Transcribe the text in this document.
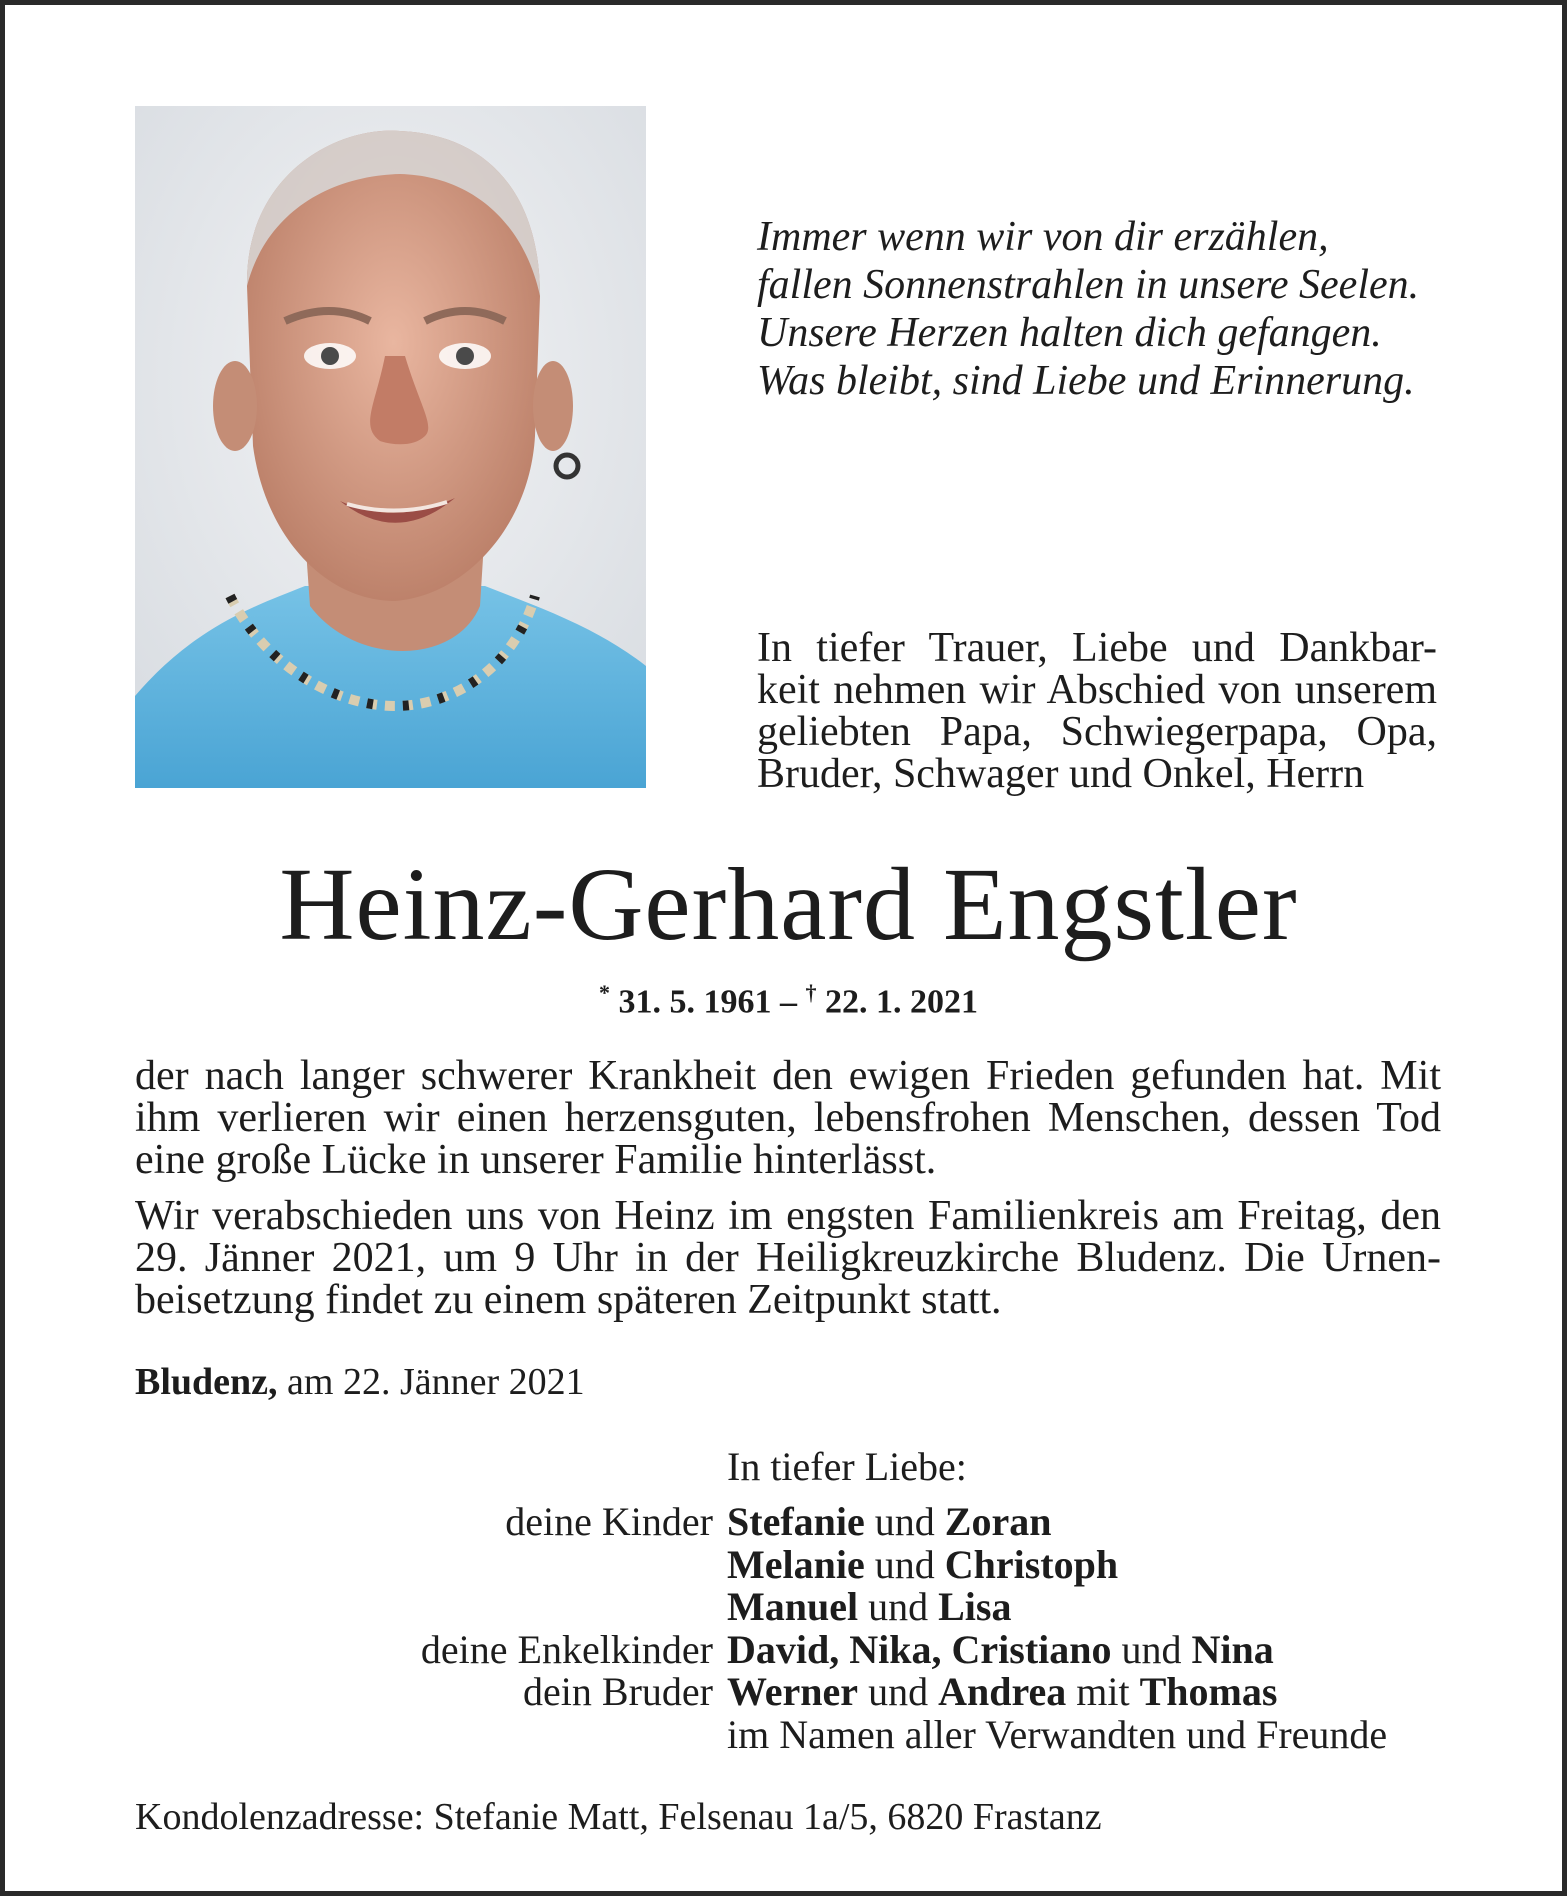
Immer wenn wir von dir erzählen,
fallen Sonnenstrahlen in unsere Seelen.
Unsere Herzen halten dich gefangen.
Was bleibt, sind Liebe und Erinnerung.
In tiefer Trauer, Liebe und Dankbar-
keit nehmen wir Abschied von unserem
geliebten Papa, Schwiegerpapa, Opa,
Bruder, Schwager und Onkel, Herrn
Heinz-Gerhard Engstler
* 31. 5. 1961 – † 22. 1. 2021
der nach langer schwerer Krankheit den ewigen Frieden gefunden hat. Mit
ihm verlieren wir einen herzensguten, lebensfrohen Menschen, dessen Tod
eine große Lücke in unserer Familie hinterlässt.
Wir verabschieden uns von Heinz im engsten Familienkreis am Freitag, den
29. Jänner 2021, um 9 Uhr in der Heiligkreuzkirche Bludenz. Die Urnen-
beisetzung findet zu einem späteren Zeitpunkt statt.
Bludenz, am 22. Jänner 2021
In tiefer Liebe:
deine Kinder Stefanie und Zoran
Melanie und Christoph
Manuel und Lisa
deine Enkelkinder David, Nika, Cristiano und Nina
dein Bruder Werner und Andrea mit Thomas
im Namen aller Verwandten und Freunde
Kondolenzadresse: Stefanie Matt, Felsenau 1a/5, 6820 Frastanz
